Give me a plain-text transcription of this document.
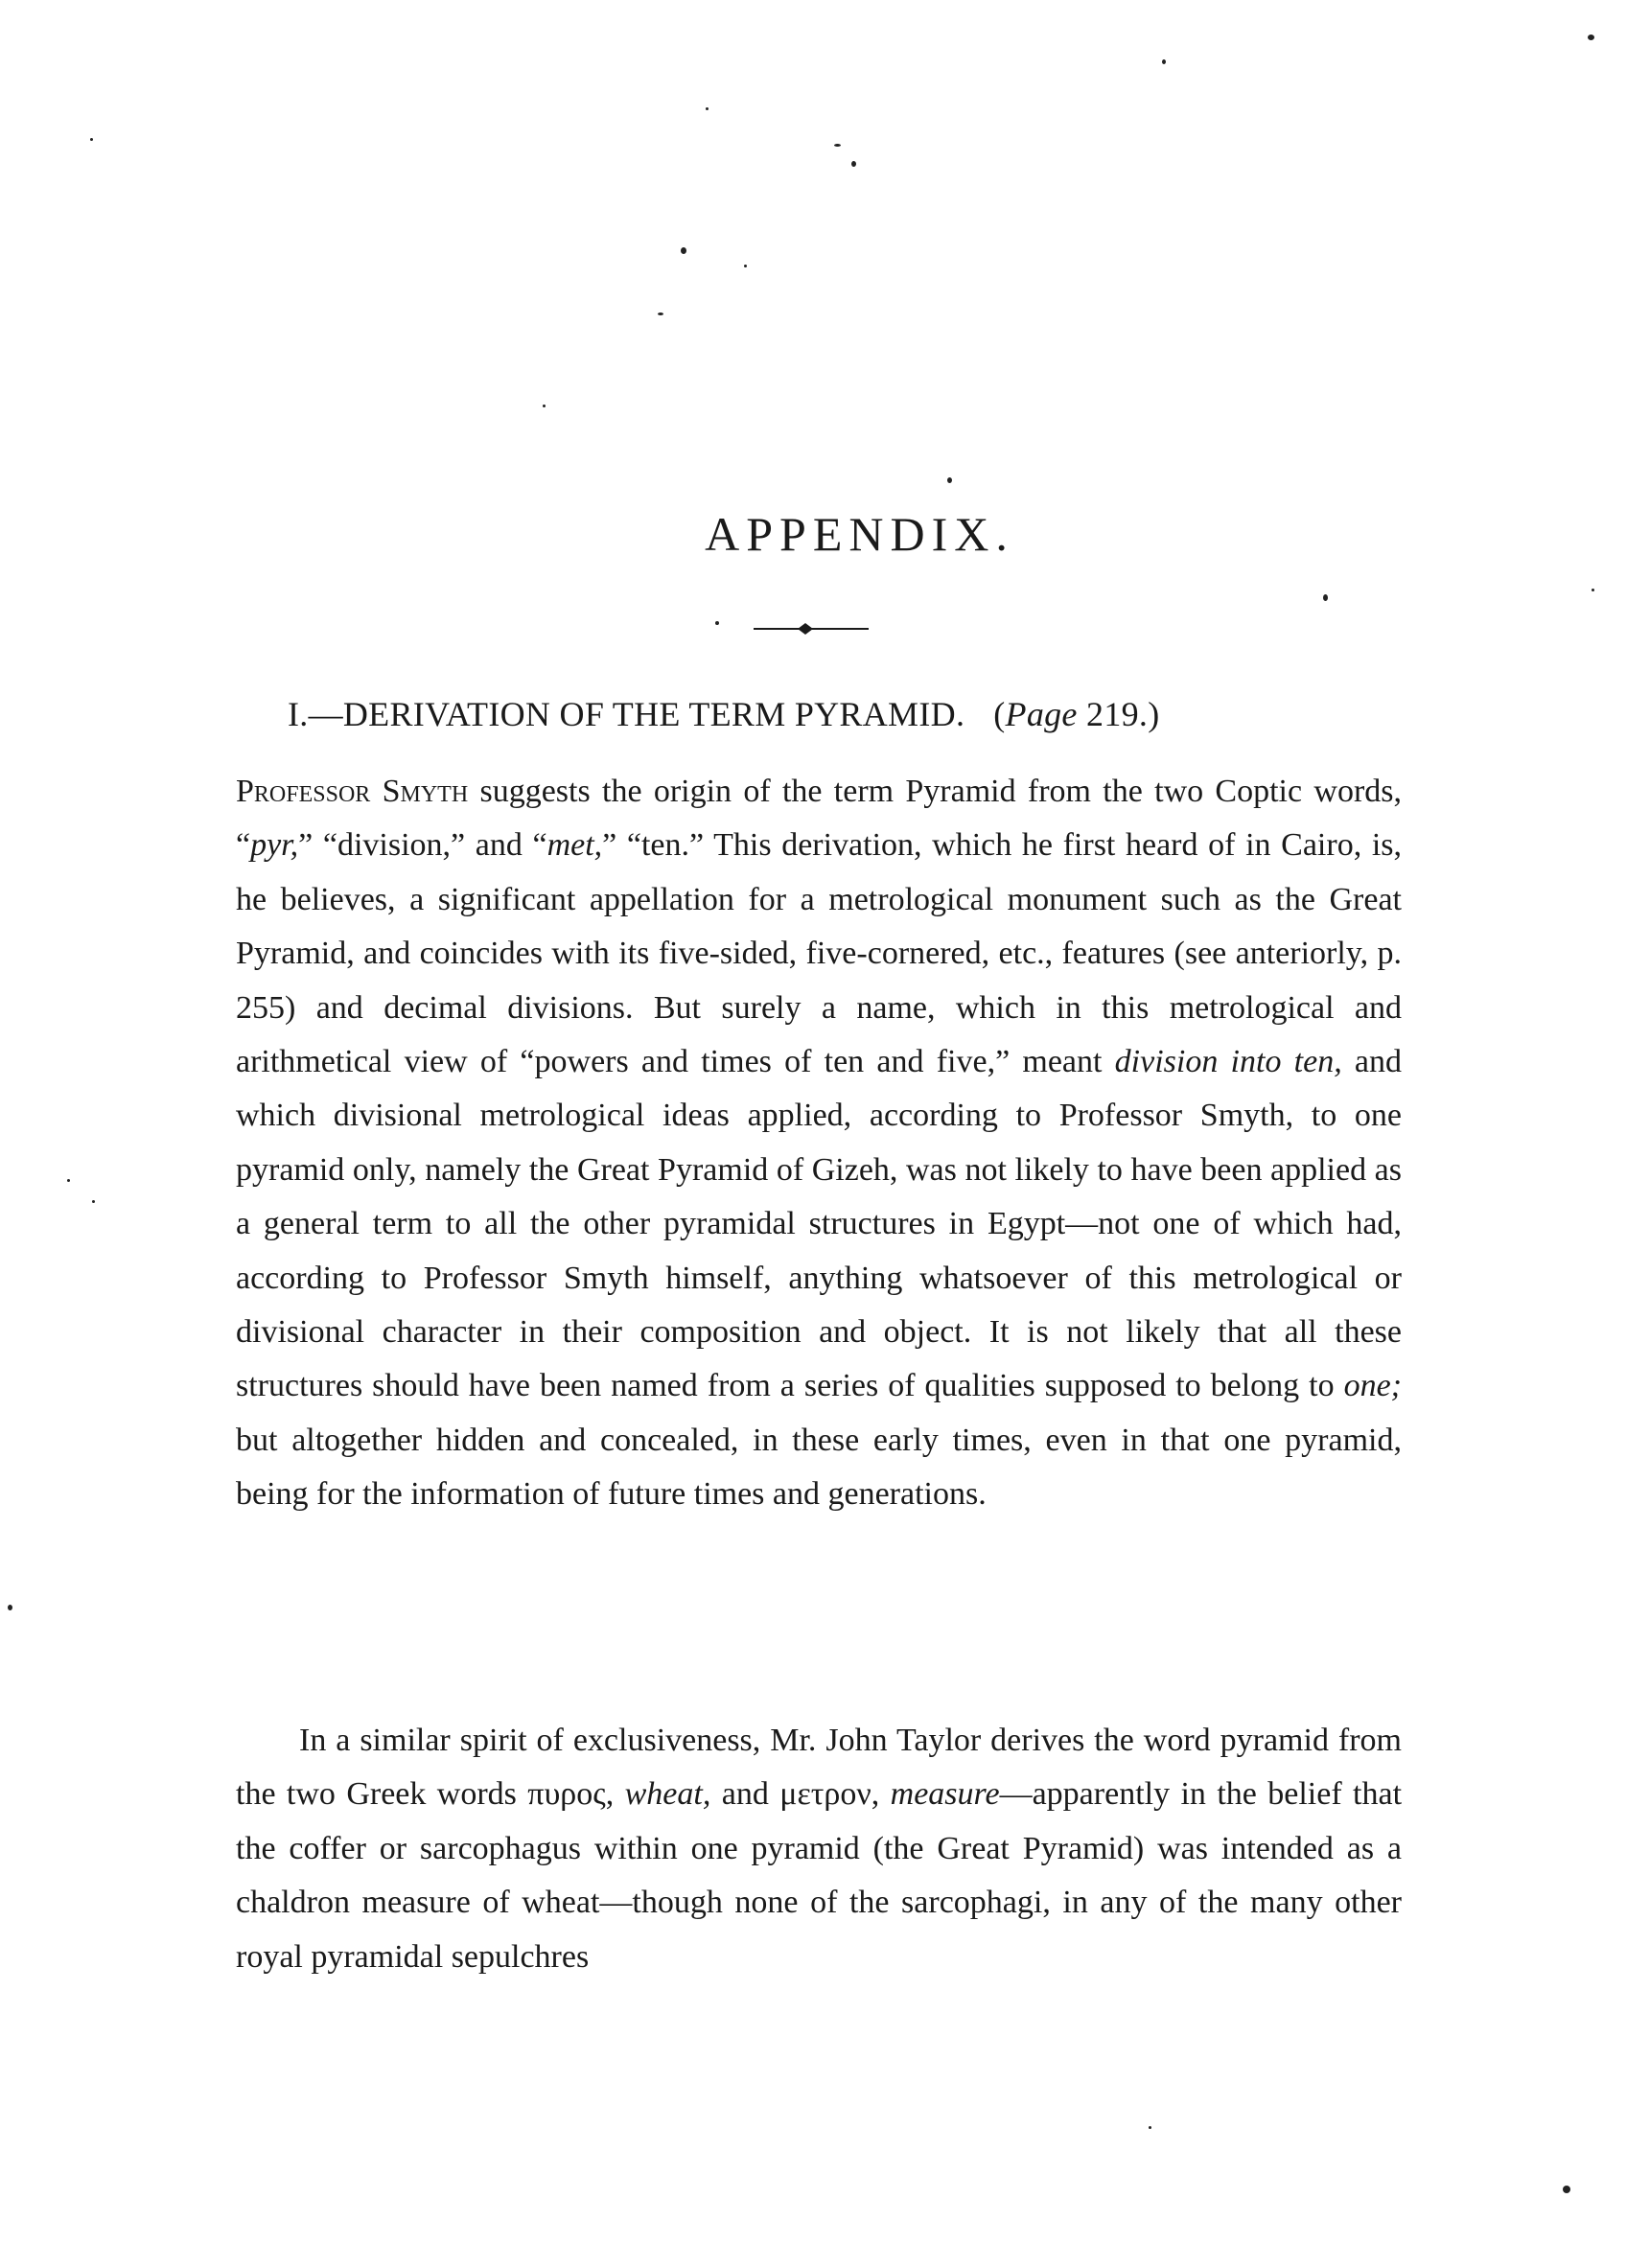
APPENDIX.
I.—DERIVATION OF THE TERM PYRAMID. (Page 219.)

Professor Smyth suggests the origin of the term Pyramid from the two Coptic words, “pyr,” “division,” and “met,” “ten.” This derivation, which he first heard of in Cairo, is, he believes, a significant appellation for a metrological monument such as the Great Pyramid, and coincides with its five-sided, five-cornered, etc., features (see anteriorly, p. 255) and decimal divisions. But surely a name, which in this metrological and arithmetical view of “powers and times of ten and five,” meant division into ten, and which divisional metrological ideas applied, according to Professor Smyth, to one pyramid only, namely the Great Pyramid of Gizeh, was not likely to have been applied as a general term to all the other pyramidal structures in Egypt—not one of which had, according to Professor Smyth himself, anything whatsoever of this metrological or divisional character in their composition and object. It is not likely that all these structures should have been named from a series of qualities supposed to belong to one; but altogether hidden and concealed, in these early times, even in that one pyramid, being for the information of future times and generations.

In a similar spirit of exclusiveness, Mr. John Taylor derives the word pyramid from the two Greek words πυρος, wheat, and μετρον, measure—apparently in the belief that the coffer or sarcophagus within one pyramid (the Great Pyramid) was intended as a chaldron measure of wheat—though none of the sarcophagi, in any of the many other royal pyramidal sepulchres
